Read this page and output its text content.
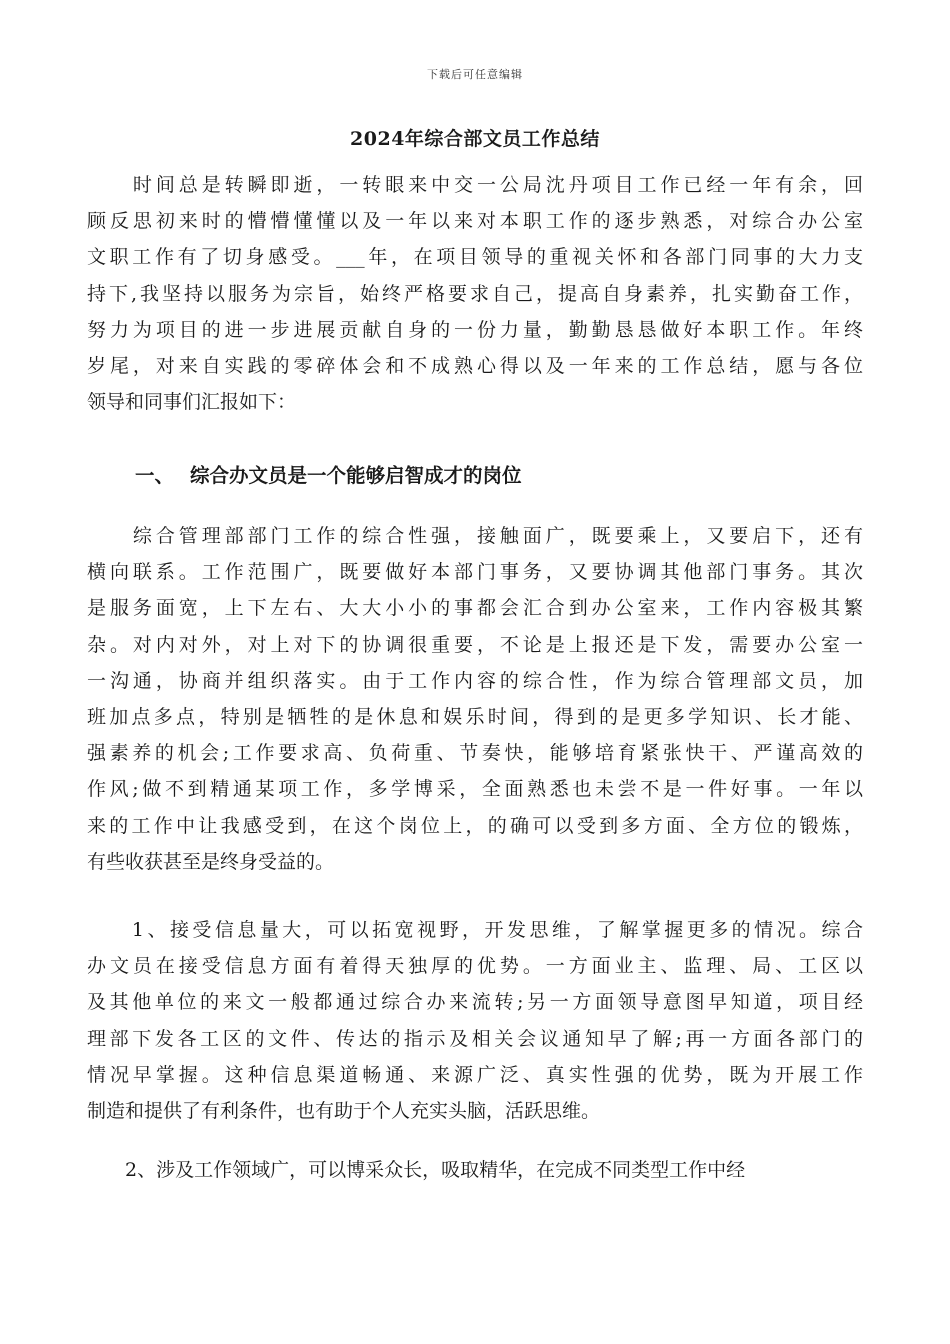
下载后可任意编辑
2024年综合部文员工作总结
　　时间总是转瞬即逝，一转眼来中交一公局沈丹项目工作已经一年有余，回
顾反思初来时的懵懵懂懂以及一年以来对本职工作的逐步熟悉，对综合办公室
文职工作有了切身感受。___年，在项目领导的重视关怀和各部门同事的大力支
持下,我坚持以服务为宗旨，始终严格要求自己，提高自身素养，扎实勤奋工作，
努力为项目的进一步进展贡献自身的一份力量，勤勤恳恳做好本职工作。年终
岁尾，对来自实践的零碎体会和不成熟心得以及一年来的工作总结，愿与各位
领导和同事们汇报如下：
一、 综合办文员是一个能够启智成才的岗位
　　综合管理部部门工作的综合性强，接触面广，既要乘上，又要启下，还有
横向联系。工作范围广，既要做好本部门事务，又要协调其他部门事务。其次
是服务面宽，上下左右、大大小小的事都会汇合到办公室来，工作内容极其繁
杂。对内对外，对上对下的协调很重要，不论是上报还是下发，需要办公室一
一沟通，协商并组织落实。由于工作内容的综合性，作为综合管理部文员，加
班加点多点，特别是牺牲的是休息和娱乐时间，得到的是更多学知识、长才能、
强素养的机会;工作要求高、负荷重、节奏快，能够培育紧张快干、严谨高效的
作风;做不到精通某项工作，多学博采，全面熟悉也未尝不是一件好事。一年以
来的工作中让我感受到，在这个岗位上，的确可以受到多方面、全方位的锻炼，
有些收获甚至是终身受益的。
　　1、接受信息量大，可以拓宽视野，开发思维，了解掌握更多的情况。综合
办文员在接受信息方面有着得天独厚的优势。一方面业主、监理、局、工区以
及其他单位的来文一般都通过综合办来流转;另一方面领导意图早知道，项目经
理部下发各工区的文件、传达的指示及相关会议通知早了解;再一方面各部门的
情况早掌握。这种信息渠道畅通、来源广泛、真实性强的优势，既为开展工作
制造和提供了有利条件，也有助于个人充实头脑，活跃思维。
　　2、涉及工作领域广，可以博采众长，吸取精华，在完成不同类型工作中经
